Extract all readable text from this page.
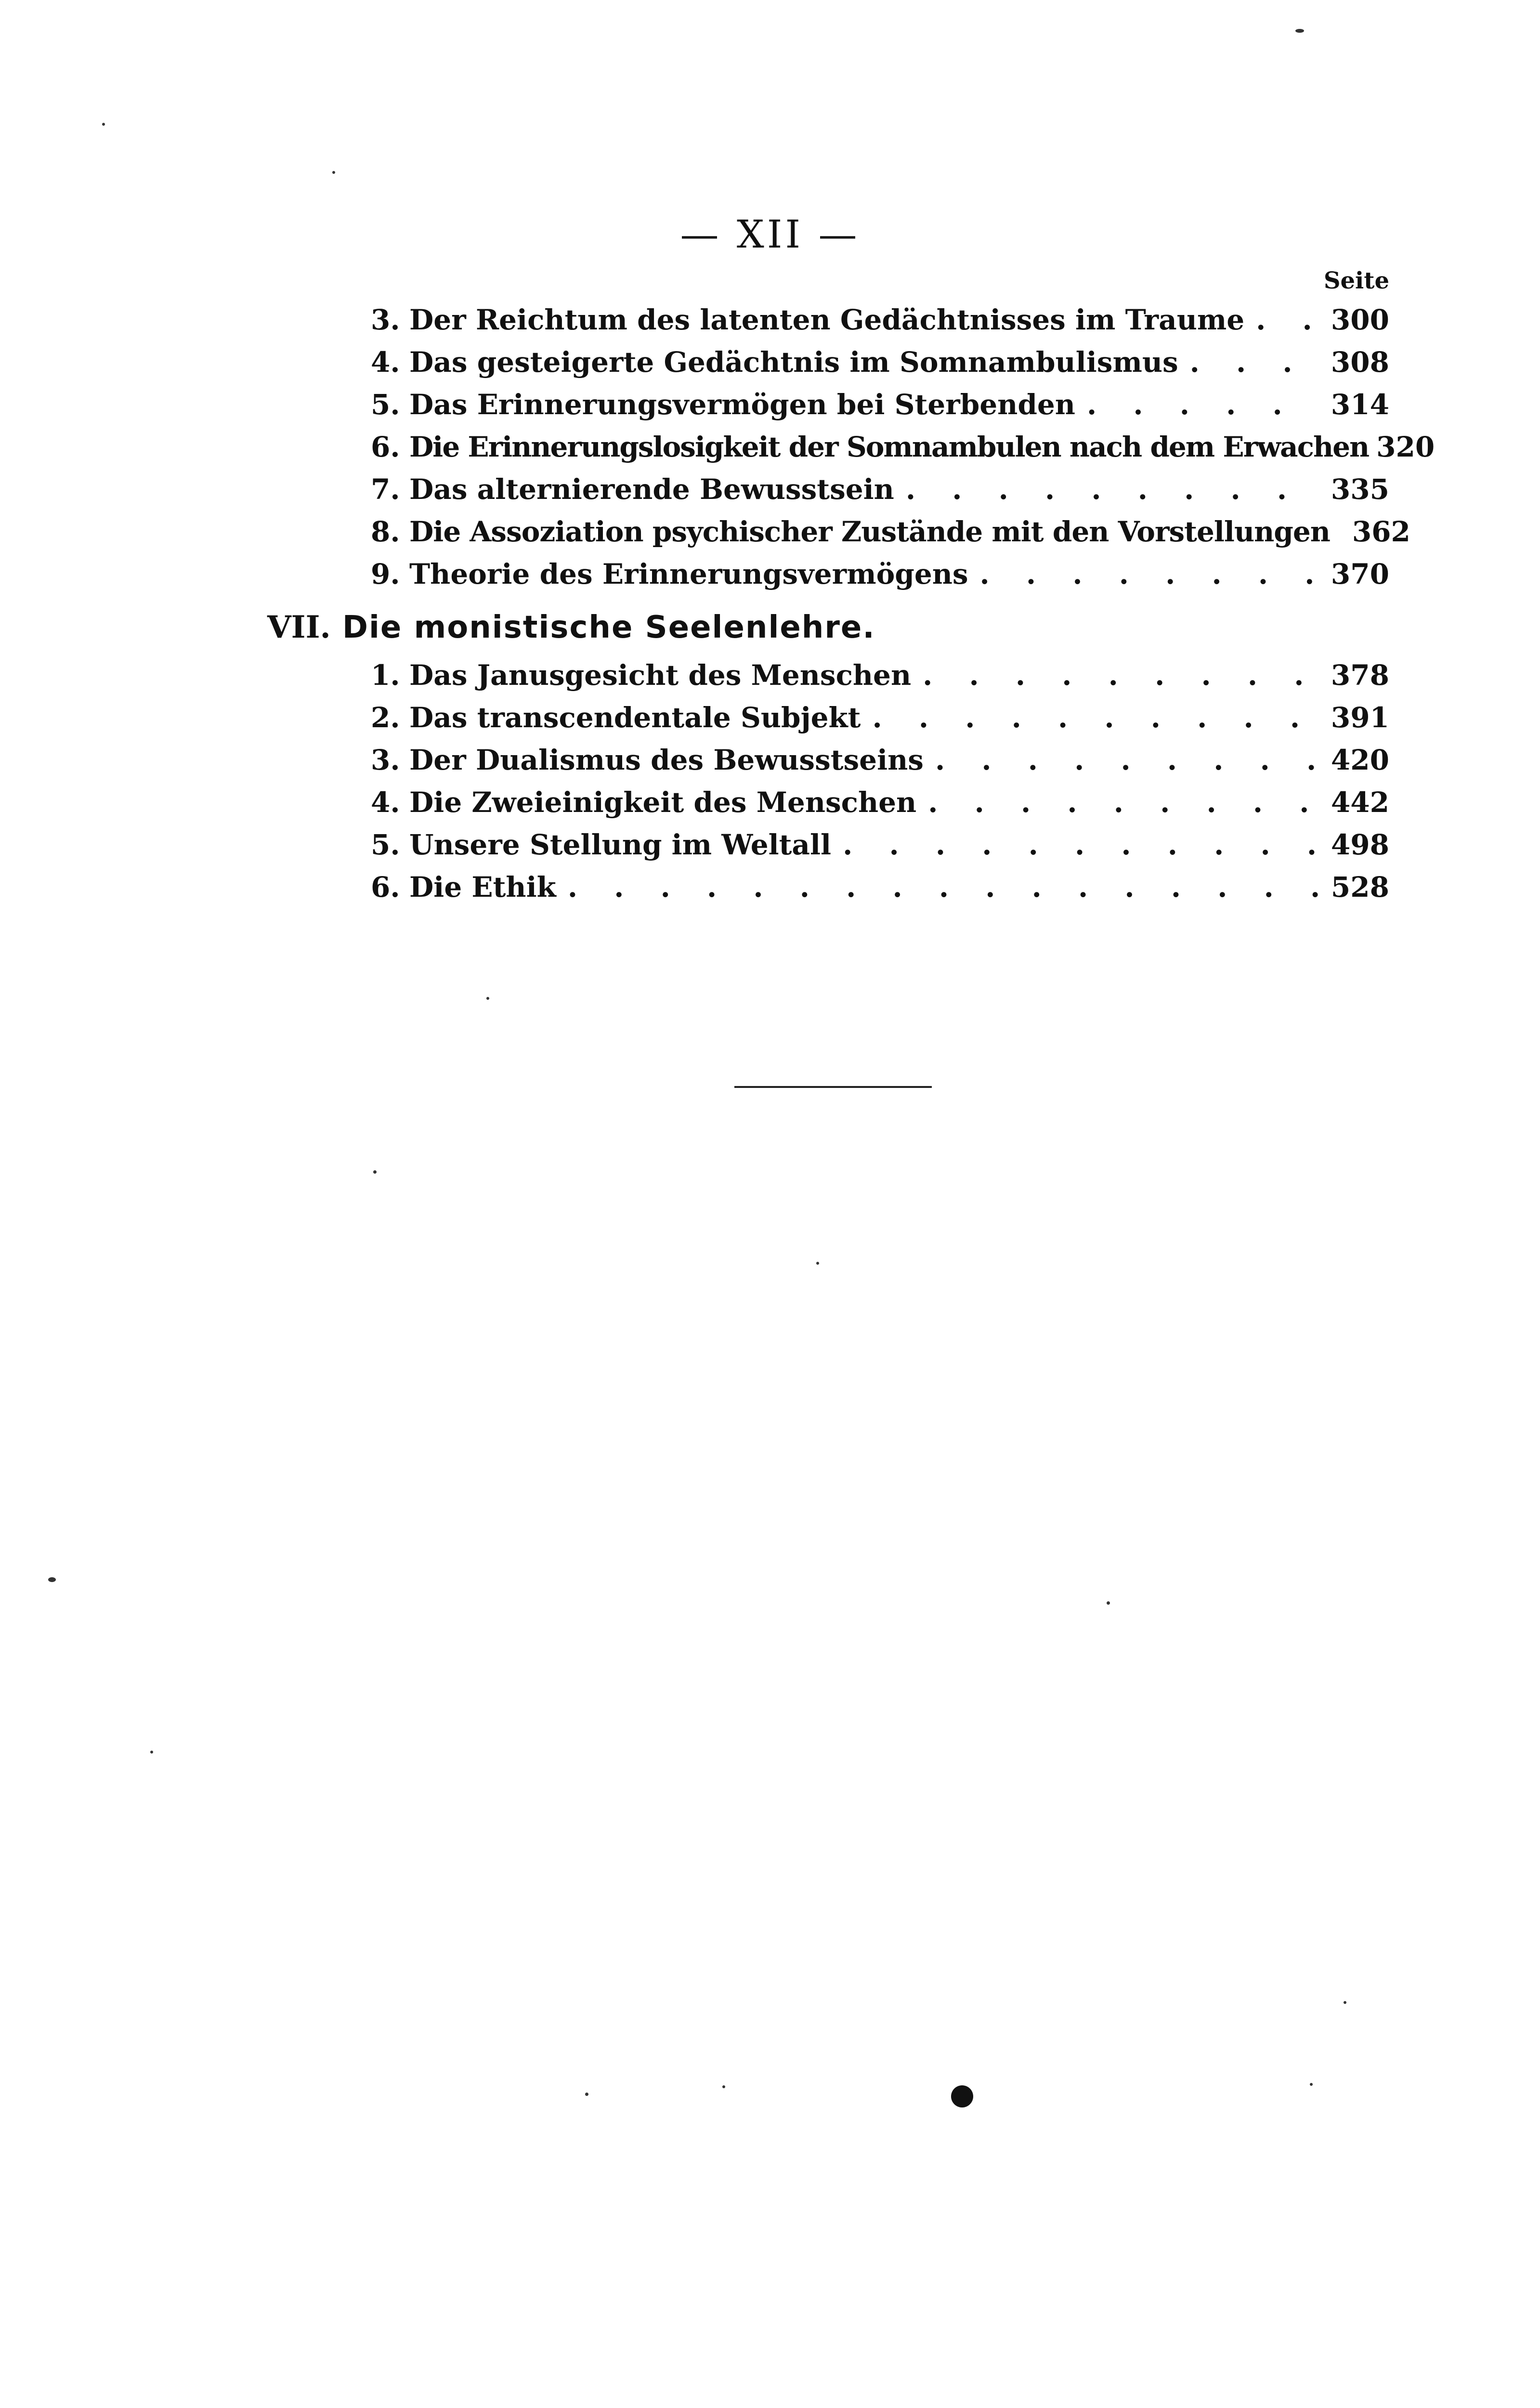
— XII —
Seite
3. Der Reichtum des latenten Gedächtnisses im Traume . . .	300
4. Das gesteigerte Gedächtnis im Somnambulismus . . .	308
5. Das Erinnerungsvermögen bei Sterbenden . . .	314
6. Die Erinnerungslosigkeit der Somnambulen nach dem Erwachen 320
7. Das alternierende Bewusstsein . . .	335
8. Die Assoziation psychischer Zustände mit den Vorstellungen 362
9. Theorie des Erinnerungsvermögens . . .	370
VII. Die monistische Seelenlehre.
1. Das Janusgesicht des Menschen . . .	378
2. Das transcendentale Subjekt . . .	391
3. Der Dualismus des Bewusstseins . . .	420
4. Die Zweieinigkeit des Menschen . . .	442
5. Unsere Stellung im Weltall . . .	498
6. Die Ethik . . .	528
